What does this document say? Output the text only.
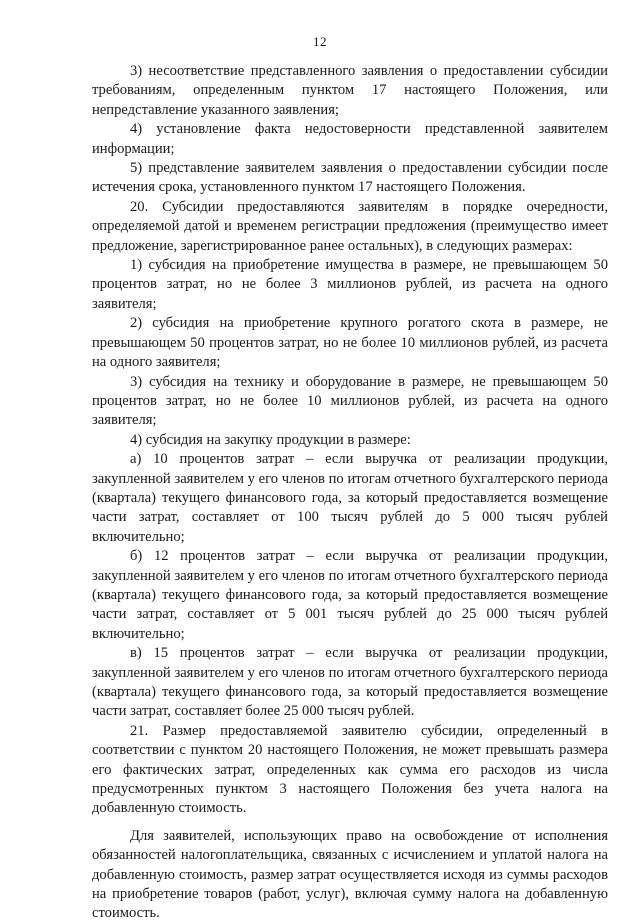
12

3) несоответствие представленного заявления о предоставлении субсидии требованиям, определенным пунктом 17 настоящего Положения, или непредставление указанного заявления;

4) установление факта недостоверности представленной заявителем информации;

5) представление заявителем заявления о предоставлении субсидии после истечения срока, установленного пунктом 17 настоящего Положения.

20. Субсидии предоставляются заявителям в порядке очередности, определяемой датой и временем регистрации предложения (преимущество имеет предложение, зарегистрированное ранее остальных), в следующих размерах:

1) субсидия на приобретение имущества в размере, не превышающем 50 процентов затрат, но не более 3 миллионов рублей, из расчета на одного заявителя;

2) субсидия на приобретение крупного рогатого скота в размере, не превышающем 50 процентов затрат, но не более 10 миллионов рублей, из расчета на одного заявителя;

3) субсидия на технику и оборудование в размере, не превышающем 50 процентов затрат, но не более 10 миллионов рублей, из расчета на одного заявителя;

4) субсидия на закупку продукции в размере:

а) 10 процентов затрат – если выручка от реализации продукции, закупленной заявителем у его членов по итогам отчетного бухгалтерского периода (квартала) текущего финансового года, за который предоставляется возмещение части затрат, составляет от 100 тысяч рублей до 5 000 тысяч рублей включительно;

б) 12 процентов затрат – если выручка от реализации продукции, закупленной заявителем у его членов по итогам отчетного бухгалтерского периода (квартала) текущего финансового года, за который предоставляется возмещение части затрат, составляет от 5 001 тысяч рублей до 25 000 тысяч рублей включительно;

в) 15 процентов затрат – если выручка от реализации продукции, закупленной заявителем у его членов по итогам отчетного бухгалтерского периода (квартала) текущего финансового года, за который предоставляется возмещение части затрат, составляет более 25 000 тысяч рублей.

21. Размер предоставляемой заявителю субсидии, определенный в соответствии с пунктом 20 настоящего Положения, не может превышать размера его фактических затрат, определенных как сумма его расходов из числа предусмотренных пунктом 3 настоящего Положения без учета налога на добавленную стоимость.

Для заявителей, использующих право на освобождение от исполнения обязанностей налогоплательщика, связанных с исчислением и уплатой налога на добавленную стоимость, размер затрат осуществляется исходя из суммы расходов на приобретение товаров (работ, услуг), включая сумму налога на добавленную стоимость.
